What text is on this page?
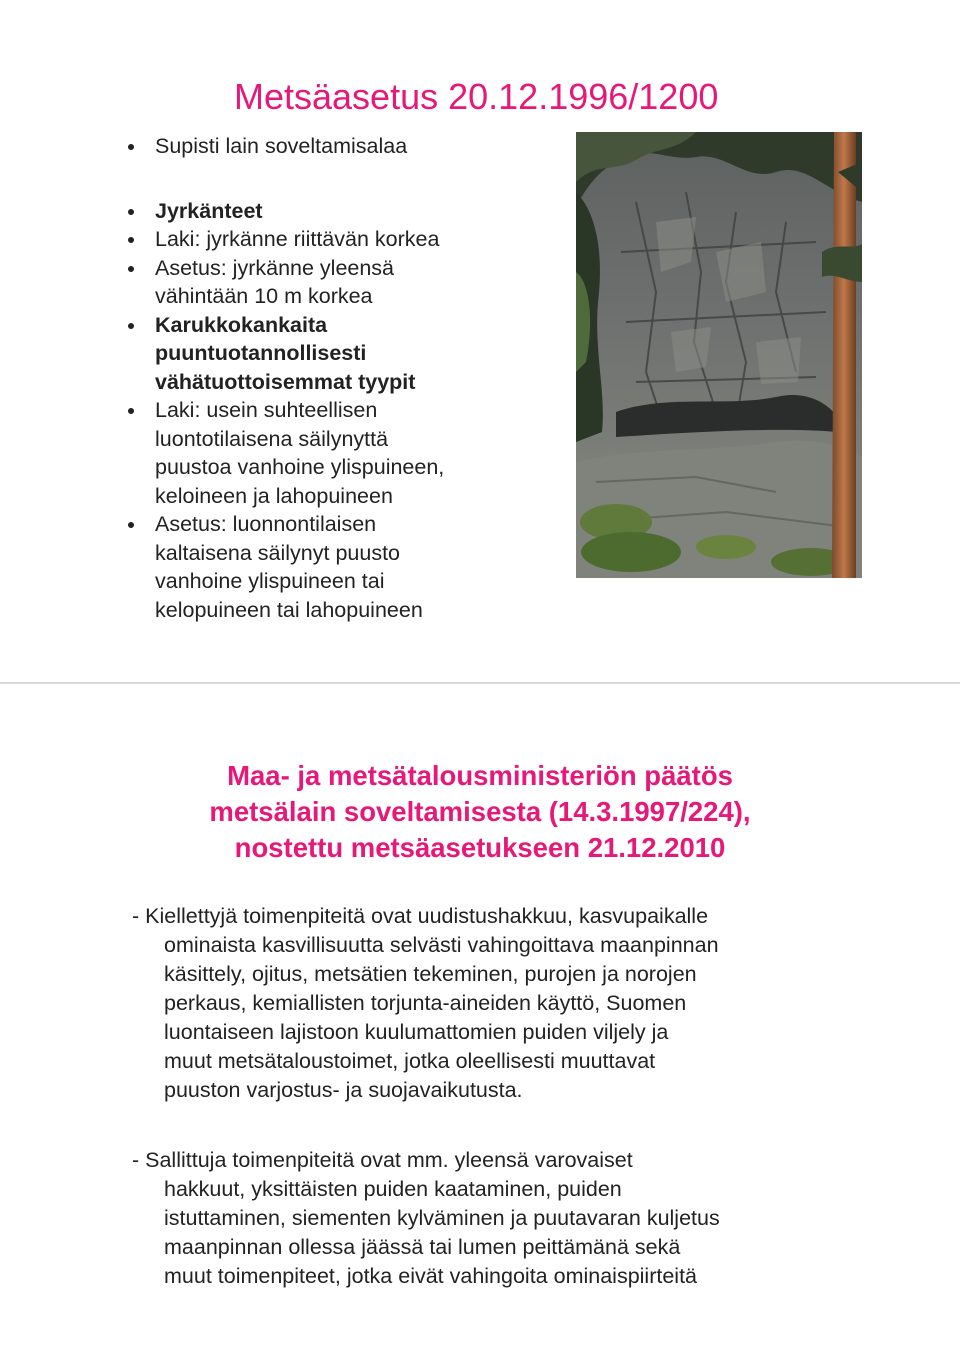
Metsäasetus 20.12.1996/1200
Supisti lain soveltamisalaa
Jyrkänteet
Laki: jyrkänne riittävän korkea
Asetus: jyrkänne yleensä
vähintään 10 m korkea
Karukkokankaita
puuntuotannollisesti
vähätuottoisemmat tyypit
Laki: usein suhteellisen
luontotilaisena säilynyttä
puustoa vanhoine ylispuineen,
keloineen ja lahopuineen
Asetus: luonnontilaisen
kaltaisena säilynyt puusto
vanhoine ylispuineen tai
kelopuineen tai lahopuineen
Maa- ja metsätalousministeriön päätös
metsälain soveltamisesta (14.3.1997/224),
nostettu metsäasetukseen 21.12.2010

- Kiellettyjä toimenpiteitä ovat uudistushakkuu, kasvupaikalle
ominaista kasvillisuutta selvästi vahingoittava maanpinnan
käsittely, ojitus, metsätien tekeminen, purojen ja norojen
perkaus, kemiallisten torjunta-aineiden käyttö, Suomen
luontaiseen lajistoon kuulumattomien puiden viljely ja
muut metsätaloustoimet, jotka oleellisesti muuttavat
puuston varjostus- ja suojavaikutusta.

- Sallittuja toimenpiteitä ovat mm. yleensä varovaiset
hakkuut, yksittäisten puiden kaataminen, puiden
istuttaminen, siementen kylväminen ja puutavaran kuljetus
maanpinnan ollessa jäässä tai lumen peittämänä sekä
muut toimenpiteet, jotka eivät vahingoita ominaispiirteitä
